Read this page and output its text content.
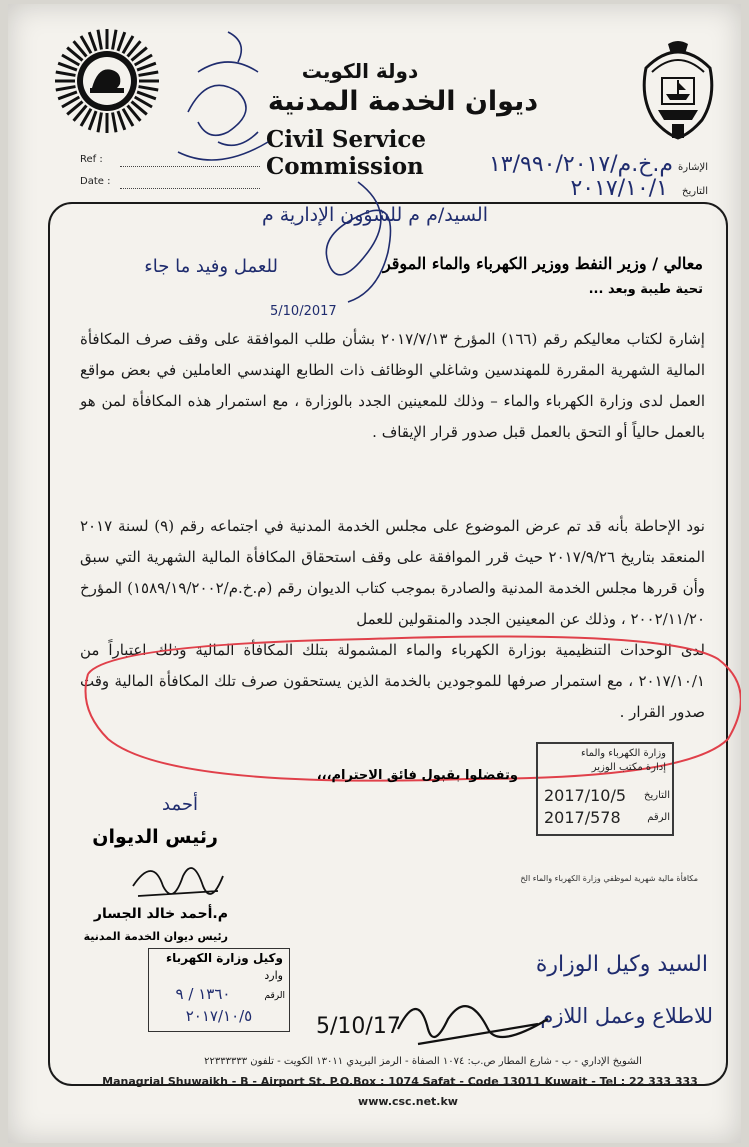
دولة الكويت
ديوان الخدمة المدنية
Civil Service Commission
Ref :
Date :
الإشارة
التاريخ
م.خ.م/١٣/٩٩٠/٢٠١٧
٢٠١٧/١٠/١
السيد/م م للشؤون الإدارية م
للعمل وفيد ما جاء
5/10/2017
معالي / وزير النفط ووزير الكهرباء والماء الموقر
تحية طيبة وبعد ...
إشارة لكتاب معاليكم رقم (١٦٦) المؤرخ ٢٠١٧/٧/١٣ بشأن طلب الموافقة على وقف صرف المكافأة المالية الشهرية المقررة للمهندسين وشاغلي الوظائف ذات الطابع الهندسي العاملين في بعض مواقع العمل لدى وزارة الكهرباء والماء – وذلك للمعينين الجدد بالوزارة ، مع استمرار هذه المكافأة لمن هو بالعمل حالياً أو التحق بالعمل قبل صدور قرار الإيقاف .
نود الإحاطة بأنه قد تم عرض الموضوع على مجلس الخدمة المدنية في اجتماعه رقم (٩) لسنة ٢٠١٧ المنعقد بتاريخ ٢٠١٧/٩/٢٦ حيث قرر الموافقة على وقف استحقاق المكافأة المالية الشهرية التي سبق وأن قررها مجلس الخدمة المدنية والصادرة بموجب كتاب الديوان رقم (م.خ.م/١٥٨٩/١٩/٢٠٠٢) المؤرخ ٢٠٠٢/١١/٢٠ ، وذلك عن المعينين الجدد والمنقولين للعمل
لدى الوحدات التنظيمية بوزارة الكهرباء والماء المشمولة بتلك المكافأة المالية وذلك اعتباراً من ٢٠١٧/١٠/١ ، مع استمرار صرفها للموجودين بالخدمة الذين يستحقون صرف تلك المكافأة المالية وقت صدور القرار .
وتفضلوا بقبول فائق الاحترام،،،
أحمد
رئيس الديوان
م.أحمد خالد الجسار
رئيس ديوان الخدمة المدنية
وزارة الكهرباء والماء
إدارة مكتب الوزير
التاريخ
2017/10/5
الرقم
2017/578
مكافأة مالية شهرية لموظفي وزارة الكهرباء والماء الخ
وكيل وزارة الكهرباء
وارد
الرقم
١٣٦٠ / ٩
٢٠١٧/١٠/٥
السيد وكيل الوزارة
للاطلاع وعمل اللازم
5/10/17
الشويخ الإداري - ب - شارع المطار ص.ب: ١٠٧٤ الصفاة - الرمز البريدي ١٣٠١١ الكويت - تلفون ٢٢٣٣٣٣٣٣
Managrial Shuwaikh - B - Airport St. P.O.Box : 1074 Safat - Code 13011 Kuwait - Tel : 22 333 333
www.csc.net.kw
